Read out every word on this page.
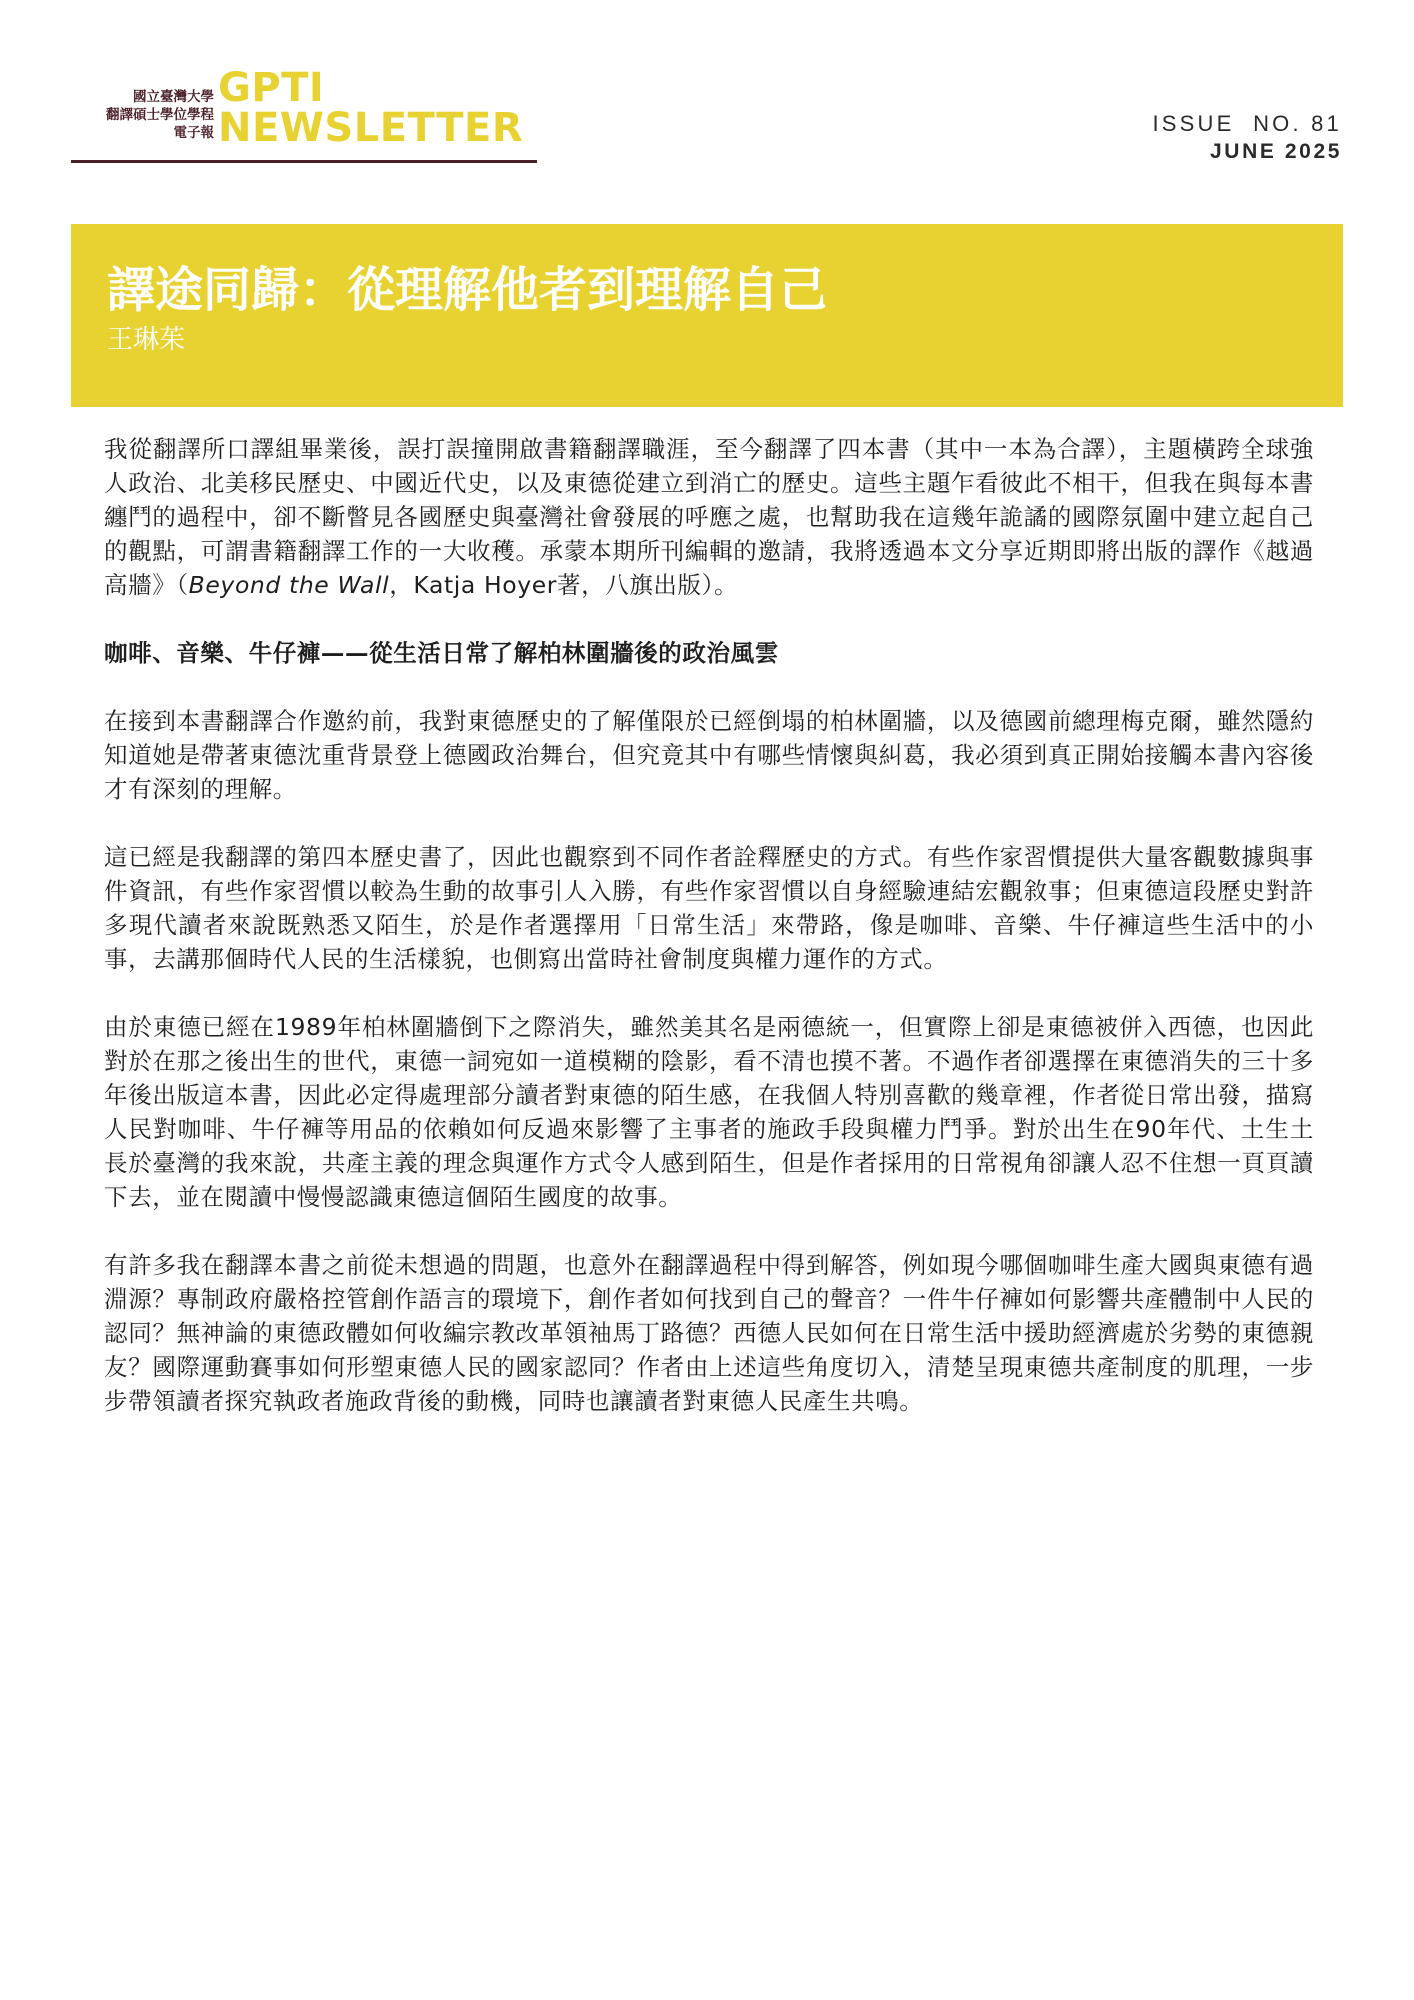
國立臺灣大學
翻譯碩士學位學程
電子報
GPTI
NEWSLETTER	ISSUE  NO. 81
JUNE 2025
譯途同歸：從理解他者到理解自己
王琳茱

我從翻譯所口譯組畢業後，誤打誤撞開啟書籍翻譯職涯，至今翻譯了四本書（其中一本為合譯），主題橫跨全球強人政治、北美移民歷史、中國近代史，以及東德從建立到消亡的歷史。這些主題乍看彼此不相干，但我在與每本書纏鬥的過程中，卻不斷瞥見各國歷史與臺灣社會發展的呼應之處，也幫助我在這幾年詭譎的國際氛圍中建立起自己的觀點，可謂書籍翻譯工作的一大收穫。承蒙本期所刊編輯的邀請，我將透過本文分享近期即將出版的譯作《越過高牆》（Beyond the Wall，Katja Hoyer著，八旗出版）。

咖啡、音樂、牛仔褲——從生活日常了解柏林圍牆後的政治風雲

在接到本書翻譯合作邀約前，我對東德歷史的了解僅限於已經倒塌的柏林圍牆，以及德國前總理梅克爾，雖然隱約知道她是帶著東德沈重背景登上德國政治舞台，但究竟其中有哪些情懷與糾葛，我必須到真正開始接觸本書內容後才有深刻的理解。

這已經是我翻譯的第四本歷史書了，因此也觀察到不同作者詮釋歷史的方式。有些作家習慣提供大量客觀數據與事件資訊，有些作家習慣以較為生動的故事引人入勝，有些作家習慣以自身經驗連結宏觀敘事；但東德這段歷史對許多現代讀者來說既熟悉又陌生，於是作者選擇用「日常生活」來帶路，像是咖啡、音樂、牛仔褲這些生活中的小事，去講那個時代人民的生活樣貌，也側寫出當時社會制度與權力運作的方式。

由於東德已經在1989年柏林圍牆倒下之際消失，雖然美其名是兩德統一，但實際上卻是東德被併入西德，也因此對於在那之後出生的世代，東德一詞宛如一道模糊的陰影，看不清也摸不著。不過作者卻選擇在東德消失的三十多年後出版這本書，因此必定得處理部分讀者對東德的陌生感，在我個人特別喜歡的幾章裡，作者從日常出發，描寫人民對咖啡、牛仔褲等用品的依賴如何反過來影響了主事者的施政手段與權力鬥爭。對於出生在90年代、土生土長於臺灣的我來說，共產主義的理念與運作方式令人感到陌生，但是作者採用的日常視角卻讓人忍不住想一頁頁讀下去，並在閱讀中慢慢認識東德這個陌生國度的故事。

有許多我在翻譯本書之前從未想過的問題，也意外在翻譯過程中得到解答，例如現今哪個咖啡生產大國與東德有過淵源？專制政府嚴格控管創作語言的環境下，創作者如何找到自己的聲音？一件牛仔褲如何影響共產體制中人民的認同？無神論的東德政體如何收編宗教改革領袖馬丁路德？西德人民如何在日常生活中援助經濟處於劣勢的東德親友？國際運動賽事如何形塑東德人民的國家認同？作者由上述這些角度切入，清楚呈現東德共產制度的肌理，一步步帶領讀者探究執政者施政背後的動機，同時也讓讀者對東德人民產生共鳴。
